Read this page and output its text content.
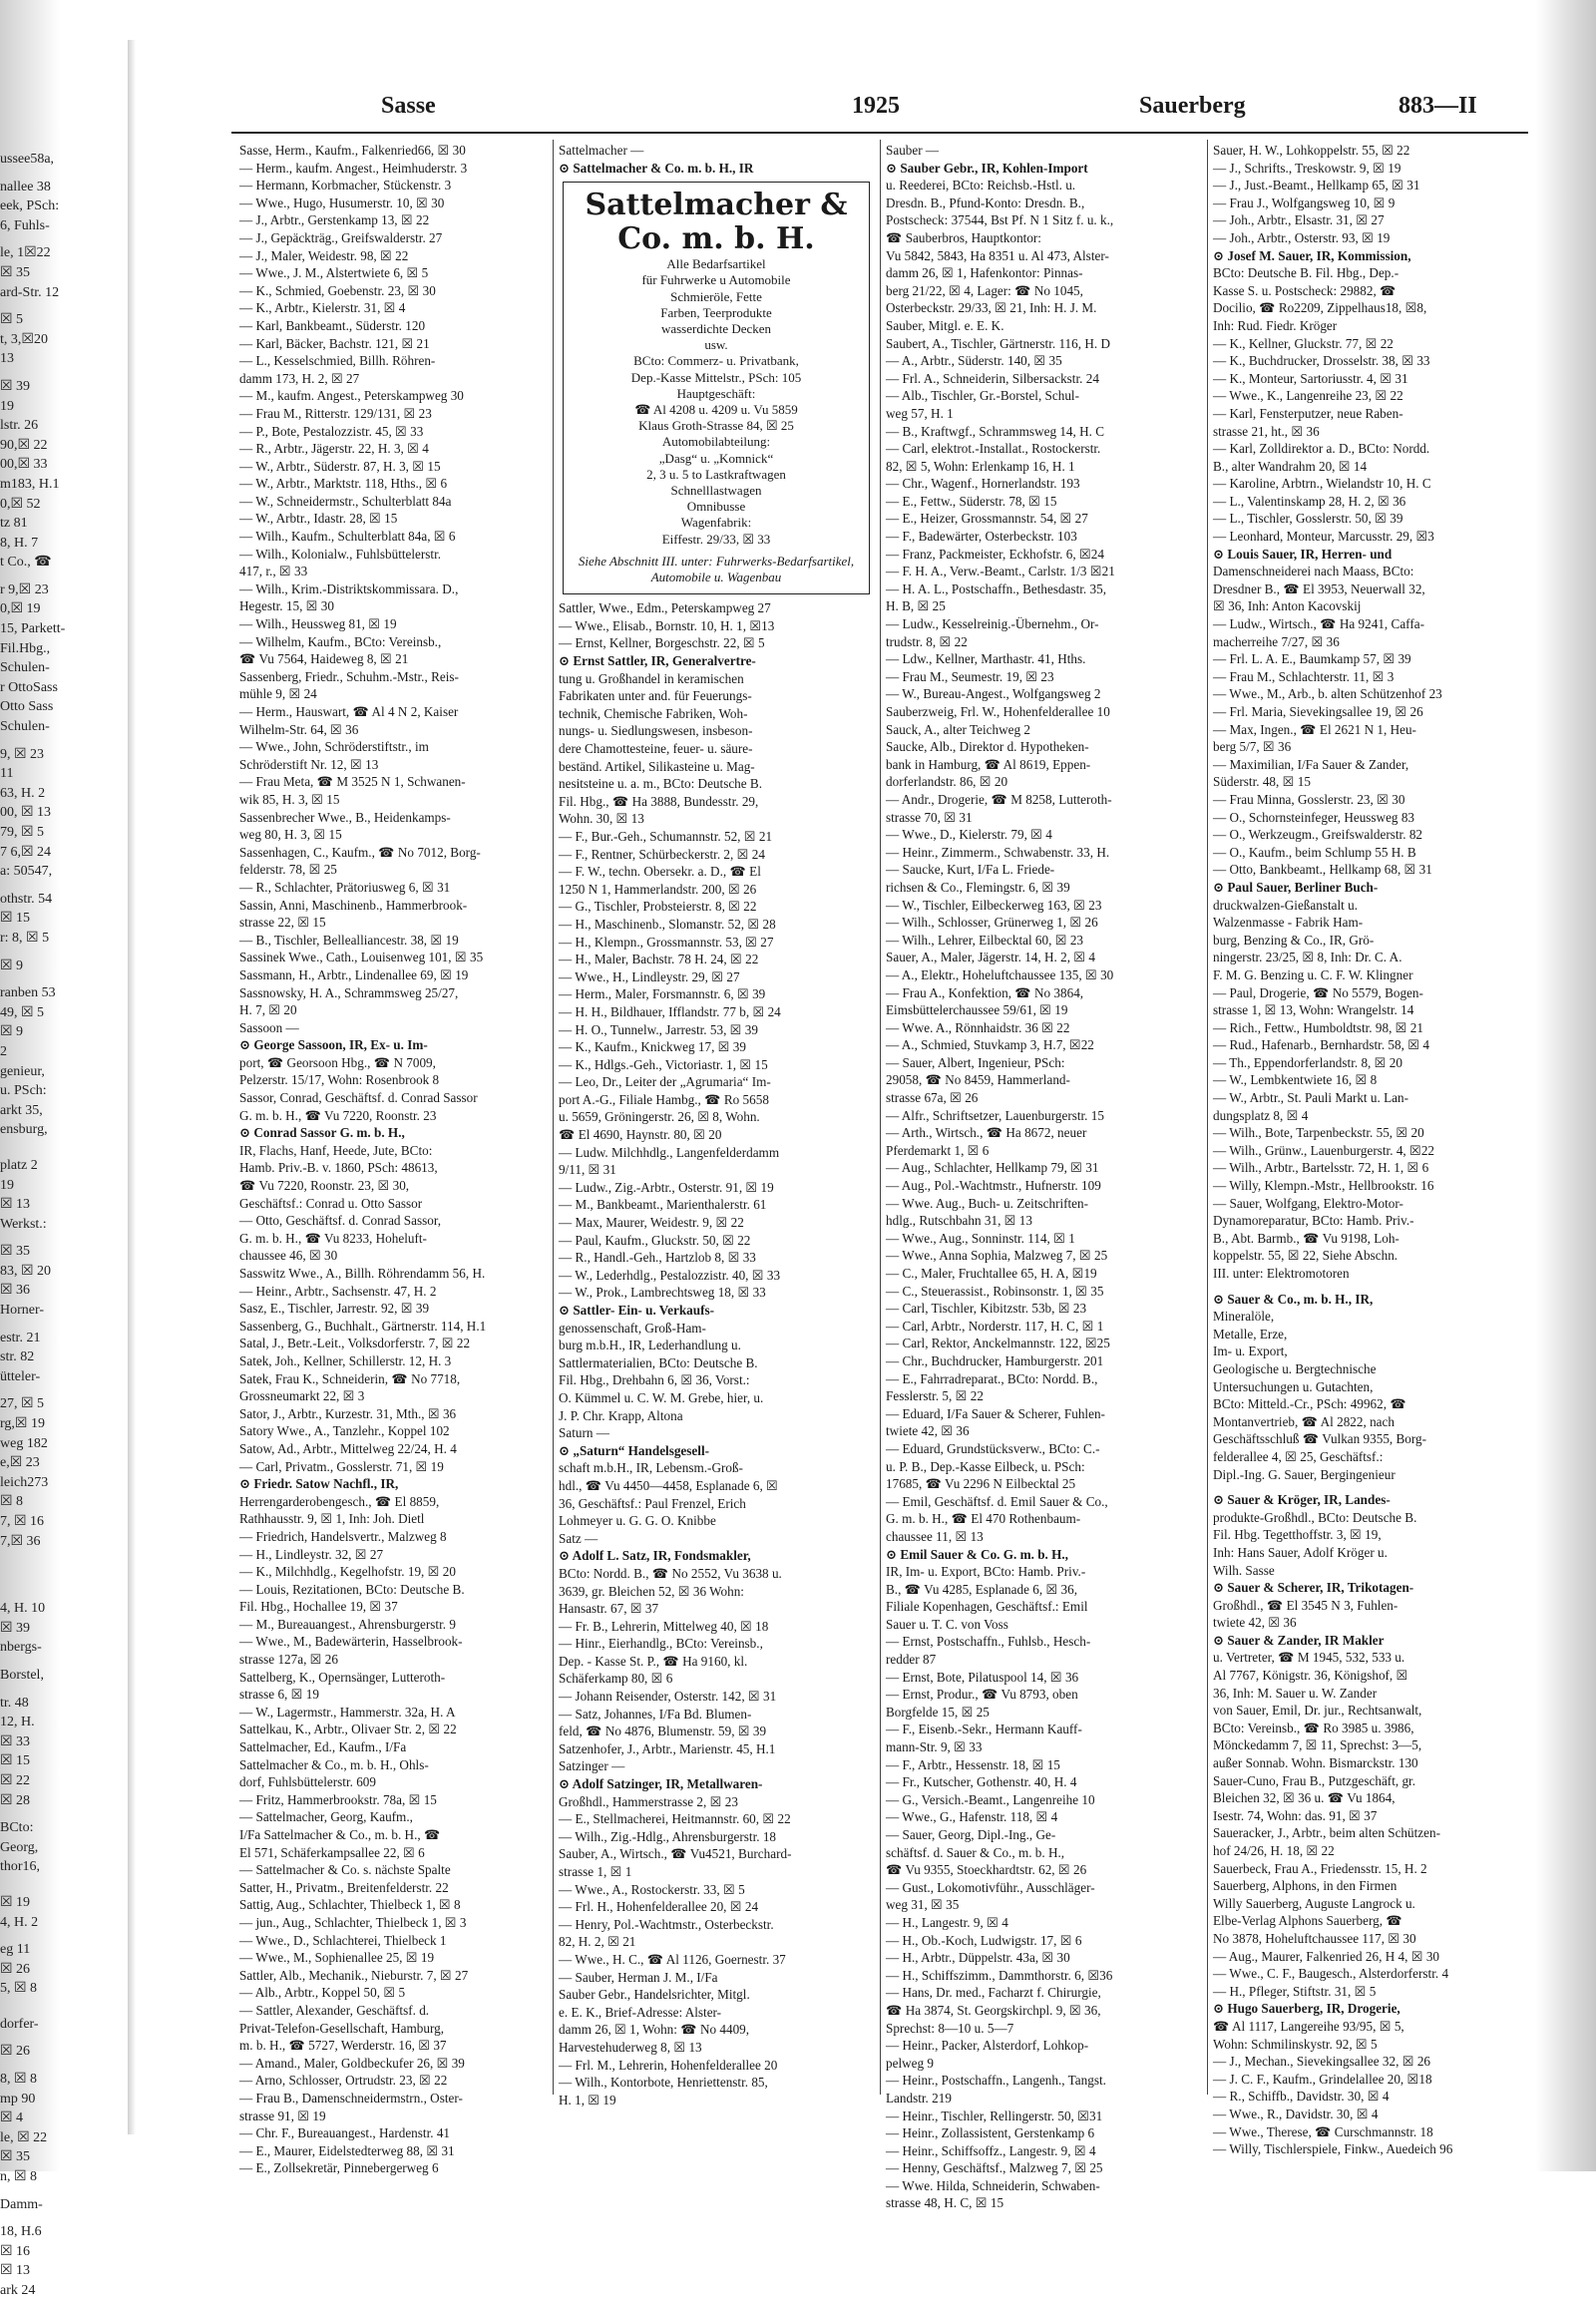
ussee58a,
nallee 38
eek, PSch:
6, Fuhls-
le, 1☒22
☒ 35
ard-Str. 12
☒ 5
t, 3,☒20
13
☒ 39
19
lstr. 26
90,☒ 22
00,☒ 33
m183, H.1
0,☒ 52
tz 81
8, H. 7
t Co., ☎
r 9,☒ 23
0,☒ 19
15, Parkett-
Fil.Hbg.,
Schulen-
r OttoSass
Otto Sass
Schulen-
9, ☒ 23
11
63, H. 2
00, ☒ 13
79, ☒ 5
7 6,☒ 24
a: 50547,
othstr. 54
☒ 15
r: 8, ☒ 5
☒ 9
ranben 53
49, ☒ 5
☒ 9
2
genieur,
u. PSch:
arkt 35,
ensburg,
platz 2
19
☒ 13
Werkst.:
☒ 35
83, ☒ 20
☒ 36
Horner-
estr. 21
str. 82
ütteler-
27, ☒ 5
rg,☒ 19
weg 182
e,☒ 23
leich273
☒ 8
7, ☒ 16
7,☒ 36
4, H. 10
☒ 39
nbergs-
Borstel,
tr. 48
12, H.
☒ 33
☒ 15
☒ 22
☒ 28
BCto:
Georg,
thor16,
☒ 19
4, H. 2
eg 11
☒ 26
5, ☒ 8
dorfer-
☒ 26
8, ☒ 8
mp 90
☒ 4
le, ☒ 22
☒ 35
n, ☒ 8
Damm-
18, H.6
☒ 16
☒ 13
ark 24
Sasse	1925	Sauerberg	883—II
Sasse, Herm., Kaufm., Falkenried66, ☒ 30
— Herm., kaufm. Angest., Heimhuderstr. 3
— Hermann, Korbmacher, Stückenstr. 3
— Wwe., Hugo, Husumerstr. 10, ☒ 30
— J., Arbtr., Gerstenkamp 13, ☒ 22
— J., Gepäckträg., Greifswalderstr. 27
— J., Maler, Weidestr. 98, ☒ 22
— Wwe., J. M., Alstertwiete 6, ☒ 5
— K., Schmied, Goebenstr. 23, ☒ 30
— K., Arbtr., Kielerstr. 31, ☒ 4
— Karl, Bankbeamt., Süderstr. 120
— Karl, Bäcker, Bachstr. 121, ☒ 21
— L., Kesselschmied, Billh. Röhren-
damm 173, H. 2, ☒ 27
— M., kaufm. Angest., Peterskampweg 30
— Frau M., Ritterstr. 129/131, ☒ 23
— P., Bote, Pestalozzistr. 45, ☒ 33
— R., Arbtr., Jägerstr. 22, H. 3, ☒ 4
— W., Arbtr., Süderstr. 87, H. 3, ☒ 15
— W., Arbtr., Marktstr. 118, Hths., ☒ 6
— W., Schneidermstr., Schulterblatt 84a
— W., Arbtr., Idastr. 28, ☒ 15
— Wilh., Kaufm., Schulterblatt 84a, ☒ 6
— Wilh., Kolonialw., Fuhlsbüttelerstr.
417, r., ☒ 33
— Wilh., Krim.-Distriktskommissara. D.,
Hegestr. 15, ☒ 30
— Wilh., Heussweg 81, ☒ 19
— Wilhelm, Kaufm., BCto: Vereinsb.,
☎ Vu 7564, Haideweg 8, ☒ 21
Sassenberg, Friedr., Schuhm.-Mstr., Reis-
mühle 9, ☒ 24
— Herm., Hauswart, ☎ Al 4 N 2, Kaiser
Wilhelm-Str. 64, ☒ 36
— Wwe., John, Schröderstiftstr., im
Schröderstift Nr. 12, ☒ 13
— Frau Meta, ☎ M 3525 N 1, Schwanen-
wik 85, H. 3, ☒ 15
Sassenbrecher Wwe., B., Heidenkamps-
weg 80, H. 3, ☒ 15
Sassenhagen, C., Kaufm., ☎ No 7012, Borg-
felderstr. 78, ☒ 25
— R., Schlachter, Prätoriusweg 6, ☒ 31
Sassin, Anni, Maschinenb., Hammerbrook-
strasse 22, ☒ 15
— B., Tischler, Bellealliancestr. 38, ☒ 19
Sassinek Wwe., Cath., Louisenweg 101, ☒ 35
Sassmann, H., Arbtr., Lindenallee 69, ☒ 19
Sassnowsky, H. A., Schrammsweg 25/27,
H. 7, ☒ 20
Sassoon —
⊙ George Sassoon, IR, Ex- u. Im-
port, ☎ Georsoon Hbg., ☎ N 7009,
Pelzerstr. 15/17, Wohn: Rosenbrook 8
Sassor, Conrad, Geschäftsf. d. Conrad Sassor
G. m. b. H., ☎ Vu 7220, Roonstr. 23
⊙ Conrad Sassor G. m. b. H.,
IR, Flachs, Hanf, Heede, Jute, BCto:
Hamb. Priv.-B. v. 1860, PSch: 48613,
☎ Vu 7220, Roonstr. 23, ☒ 30,
Geschäftsf.: Conrad u. Otto Sassor
— Otto, Geschäftsf. d. Conrad Sassor,
G. m. b. H., ☎ Vu 8233, Hoheluft-
chaussee 46, ☒ 30
Sasswitz Wwe., A., Billh. Röhrendamm 56, H.
— Heinr., Arbtr., Sachsenstr. 47, H. 2
Sasz, E., Tischler, Jarrestr. 92, ☒ 39
Sassenberg, G., Buchhalt., Gärtnerstr. 114, H.1
Satal, J., Betr.-Leit., Volksdorferstr. 7, ☒ 22
Satek, Joh., Kellner, Schillerstr. 12, H. 3
Satek, Frau K., Schneiderin, ☎ No 7718,
Grossneumarkt 22, ☒ 3
Sator, J., Arbtr., Kurzestr. 31, Mth., ☒ 36
Satory Wwe., A., Tanzlehr., Koppel 102
Satow, Ad., Arbtr., Mittelweg 22/24, H. 4
— Carl, Privatm., Gosslerstr. 71, ☒ 19
⊙ Friedr. Satow Nachfl., IR,
Herrengarderobengesch., ☎ El 8859,
Rathhausstr. 9, ☒ 1, Inh: Joh. Dietl
— Friedrich, Handelsvertr., Malzweg 8
— H., Lindleystr. 32, ☒ 27
— K., Milchhdlg., Kegelhofstr. 19, ☒ 20
— Louis, Rezitationen, BCto: Deutsche B.
Fil. Hbg., Hochallee 19, ☒ 37
— M., Bureauangest., Ahrensburgerstr. 9
— Wwe., M., Badewärterin, Hasselbrook-
strasse 127a, ☒ 26
Sattelberg, K., Opernsänger, Lutteroth-
strasse 6, ☒ 19
— W., Lagermstr., Hammerstr. 32a, H. A
Sattelkau, K., Arbtr., Olivaer Str. 2, ☒ 22
Sattelmacher, Ed., Kaufm., I/Fa
Sattelmacher & Co., m. b. H., Ohls-
dorf, Fuhlsbüttelerstr. 609
— Fritz, Hammerbrookstr. 78a, ☒ 15
— Sattelmacher, Georg, Kaufm.,
I/Fa Sattelmacher & Co., m. b. H., ☎
El 571, Schäferkampsallee 22, ☒ 6
— Sattelmacher & Co. s. nächste Spalte
Satter, H., Privatm., Breitenfelderstr. 22
Sattig, Aug., Schlachter, Thielbeck 1, ☒ 8
— jun., Aug., Schlachter, Thielbeck 1, ☒ 3
— Wwe., D., Schlachterei, Thielbeck 1
— Wwe., M., Sophienallee 25, ☒ 19
Sattler, Alb., Mechanik., Nieburstr. 7, ☒ 27
— Alb., Arbtr., Koppel 50, ☒ 5
— Sattler, Alexander, Geschäftsf. d.
Privat-Telefon-Gesellschaft, Hamburg,
m. b. H., ☎ 5727, Werderstr. 16, ☒ 37
— Amand., Maler, Goldbeckufer 26, ☒ 39
— Arno, Schlosser, Ortrudstr. 23, ☒ 22
— Frau B., Damenschneidermstrn., Oster-
strasse 91, ☒ 19
— Chr. F., Bureauangest., Hardenstr. 41
— E., Maurer, Eidelstedterweg 88, ☒ 31
— E., Zollsekretär, Pinnebergerweg 6
Sattelmacher —
⊙ Sattelmacher & Co. m. b. H., IR
Sattelmacher & Co. m. b. H.
Alle Bedarfsartikel
für Fuhrwerke u Automobile
Schmieröle, Fette
Farben, Teerprodukte
wasserdichte Decken
usw.
BCto: Commerz- u. Privatbank,
Dep.-Kasse Mittelstr., PSch: 105
Hauptgeschäft:
☎ Al 4208 u. 4209 u. Vu 5859
Klaus Groth-Strasse 84, ☒ 25
Automobilabteilung:
„Dasg“ u. „Komnick“
2, 3 u. 5 to Lastkraftwagen
Schnelllastwagen
Omnibusse
Wagenfabrik:
Eiffestr. 29/33, ☒ 33
Siehe Abschnitt III. unter: Fuhrwerks-Bedarfsartikel, Automobile u. Wagenbau
Sattler, Wwe., Edm., Peterskampweg 27
— Wwe., Elisab., Bornstr. 10, H. 1, ☒13
— Ernst, Kellner, Borgeschstr. 22, ☒ 5
⊙ Ernst Sattler, IR, Generalvertre-
tung u. Großhandel in keramischen
Fabrikaten unter and. für Feuerungs-
technik, Chemische Fabriken, Woh-
nungs- u. Siedlungswesen, insbeson-
dere Chamottesteine, feuer- u. säure-
beständ. Artikel, Silikasteine u. Mag-
nesitsteine u. a. m., BCto: Deutsche B.
Fil. Hbg., ☎ Ha 3888, Bundesstr. 29,
Wohn. 30, ☒ 13
— F., Bur.-Geh., Schumannstr. 52, ☒ 21
— F., Rentner, Schürbeckerstr. 2, ☒ 24
— F. W., techn. Obersekr. a. D., ☎ El
1250 N 1, Hammerlandstr. 200, ☒ 26
— G., Tischler, Probsteierstr. 8, ☒ 22
— H., Maschinenb., Slomanstr. 52, ☒ 28
— H., Klempn., Grossmannstr. 53, ☒ 27
— H., Maler, Bachstr. 78 H. 24, ☒ 22
— Wwe., H., Lindleystr. 29, ☒ 27
— Herm., Maler, Forsmannstr. 6, ☒ 39
— H. H., Bildhauer, Ifflandstr. 77 b, ☒ 24
— H. O., Tunnelw., Jarrestr. 53, ☒ 39
— K., Kaufm., Knickweg 17, ☒ 39
— K., Hdlgs.-Geh., Victoriastr. 1, ☒ 15
— Leo, Dr., Leiter der „Agrumaria“ Im-
port A.-G., Filiale Hambg., ☎ Ro 5658
u. 5659, Gröningerstr. 26, ☒ 8, Wohn.
☎ El 4690, Haynstr. 80, ☒ 20
— Ludw. Milchhdlg., Langenfelderdamm
9/11, ☒ 31
— Ludw., Zig.-Arbtr., Osterstr. 91, ☒ 19
— M., Bankbeamt., Marienthalerstr. 61
— Max, Maurer, Weidestr. 9, ☒ 22
— Paul, Kaufm., Gluckstr. 50, ☒ 22
— R., Handl.-Geh., Hartzlob 8, ☒ 33
— W., Lederhdlg., Pestalozzistr. 40, ☒ 33
— W., Prok., Lambrechtsweg 18, ☒ 33
⊙ Sattler- Ein- u. Verkaufs-
genossenschaft, Groß-Ham-
burg m.b.H., IR, Lederhandlung u.
Sattlermaterialien, BCto: Deutsche B.
Fil. Hbg., Drehbahn 6, ☒ 36, Vorst.:
O. Kümmel u. C. W. M. Grebe, hier, u.
J. P. Chr. Krapp, Altona
Saturn —
⊙ „Saturn“ Handelsgesell-
schaft m.b.H., IR, Lebensm.-Groß-
hdl., ☎ Vu 4450—4458, Esplanade 6, ☒
36, Geschäftsf.: Paul Frenzel, Erich
Lohmeyer u. G. G. O. Knibbe
Satz —
⊙ Adolf L. Satz, IR, Fondsmakler,
BCto: Nordd. B., ☎ No 2552, Vu 3638 u.
3639, gr. Bleichen 52, ☒ 36 Wohn:
Hansastr. 67, ☒ 37
— Fr. B., Lehrerin, Mittelweg 40, ☒ 18
— Hinr., Eierhandlg., BCto: Vereinsb.,
Dep. - Kasse St. P., ☎ Ha 9160, kl.
Schäferkamp 80, ☒ 6
— Johann Reisender, Osterstr. 142, ☒ 31
— Satz, Johannes, I/Fa Bd. Blumen-
feld, ☎ No 4876, Blumenstr. 59, ☒ 39
Satzenhofer, J., Arbtr., Marienstr. 45, H.1
Satzinger —
⊙ Adolf Satzinger, IR, Metallwaren-
Großhdl., Hammerstrasse 2, ☒ 23
— E., Stellmacherei, Heitmannstr. 60, ☒ 22
— Wilh., Zig.-Hdlg., Ahrensburgerstr. 18
Sauber, A., Wirtsch., ☎ Vu4521, Burchard-
strasse 1, ☒ 1
— Wwe., A., Rostockerstr. 33, ☒ 5
— Frl. H., Hohenfelderallee 20, ☒ 24
— Henry, Pol.-Wachtmstr., Osterbeckstr.
82, H. 2, ☒ 21
— Wwe., H. C., ☎ Al 1126, Goernestr. 37
— Sauber, Herman J. M., I/Fa
Sauber Gebr., Handelsrichter, Mitgl.
e. E. K., Brief-Adresse: Alster-
damm 26, ☒ 1, Wohn: ☎ No 4409,
Harvestehuderweg 8, ☒ 13
— Frl. M., Lehrerin, Hohenfelderallee 20
— Wilh., Kontorbote, Henriettenstr. 85,
H. 1, ☒ 19
Sauber —
⊙ Sauber Gebr., IR, Kohlen-Import
u. Reederei, BCto: Reichsb.-Hstl. u.
Dresdn. B., Pfund-Konto: Dresdn. B.,
Postscheck: 37544, Bst Pf. N 1 Sitz f. u. k.,
☎ Sauberbros, Hauptkontor:
Vu 5842, 5843, Ha 8351 u. Al 473, Alster-
damm 26, ☒ 1, Hafenkontor: Pinnas-
berg 21/22, ☒ 4, Lager: ☎ No 1045,
Osterbeckstr. 29/33, ☒ 21, Inh: H. J. M.
Sauber, Mitgl. e. E. K.
Saubert, A., Tischler, Gärtnerstr. 116, H. D
— A., Arbtr., Süderstr. 140, ☒ 35
— Frl. A., Schneiderin, Silbersackstr. 24
— Alb., Tischler, Gr.-Borstel, Schul-
weg 57, H. 1
— B., Kraftwgf., Schrammsweg 14, H. C
— Carl, elektrot.-Installat., Rostockerstr.
82, ☒ 5, Wohn: Erlenkamp 16, H. 1
— Chr., Wagenf., Hornerlandstr. 193
— E., Fettw., Süderstr. 78, ☒ 15
— E., Heizer, Grossmannstr. 54, ☒ 27
— F., Badewärter, Osterbeckstr. 103
— Franz, Packmeister, Eckhofstr. 6, ☒24
— F. H. A., Verw.-Beamt., Carlstr. 1/3 ☒21
— H. A. L., Postschaffn., Bethesdastr. 35,
H. B, ☒ 25
— Ludw., Kesselreinig.-Übernehm., Or-
trudstr. 8, ☒ 22
— Ldw., Kellner, Marthastr. 41, Hths.
— Frau M., Seumestr. 19, ☒ 23
— W., Bureau-Angest., Wolfgangsweg 2
Sauberzweig, Frl. W., Hohenfelderallee 10
Sauck, A., alter Teichweg 2
Saucke, Alb., Direktor d. Hypotheken-
bank in Hamburg, ☎ Al 8619, Eppen-
dorferlandstr. 86, ☒ 20
— Andr., Drogerie, ☎ M 8258, Lutteroth-
strasse 70, ☒ 31
— Wwe., D., Kielerstr. 79, ☒ 4
— Heinr., Zimmerm., Schwabenstr. 33, H.
— Saucke, Kurt, I/Fa L. Friede-
richsen & Co., Flemingstr. 6, ☒ 39
— W., Tischler, Eilbeckerweg 163, ☒ 23
— Wilh., Schlosser, Grünerweg 1, ☒ 26
— Wilh., Lehrer, Eilbecktal 60, ☒ 23
Sauer, A., Maler, Jägerstr. 14, H. 2, ☒ 4
— A., Elektr., Hoheluftchaussee 135, ☒ 30
— Frau A., Konfektion, ☎ No 3864,
Eimsbüttelerchaussee 59/61, ☒ 19
— Wwe. A., Rönnhaidstr. 36 ☒ 22
— A., Schmied, Stuvkamp 3, H.7, ☒22
— Sauer, Albert, Ingenieur, PSch:
29058, ☎ No 8459, Hammerland-
strasse 67a, ☒ 26
— Alfr., Schriftsetzer, Lauenburgerstr. 15
— Arth., Wirtsch., ☎ Ha 8672, neuer
Pferdemarkt 1, ☒ 6
— Aug., Schlachter, Hellkamp 79, ☒ 31
— Aug., Pol.-Wachtmstr., Hufnerstr. 109
— Wwe. Aug., Buch- u. Zeitschriften-
hdlg., Rutschbahn 31, ☒ 13
— Wwe., Aug., Sonninstr. 114, ☒ 1
— Wwe., Anna Sophia, Malzweg 7, ☒ 25
— C., Maler, Fruchtallee 65, H. A, ☒19
— C., Steuerassist., Robinsonstr. 1, ☒ 35
— Carl, Tischler, Kibitzstr. 53b, ☒ 23
— Carl, Arbtr., Norderstr. 117, H. C, ☒ 1
— Carl, Rektor, Anckelmannstr. 122, ☒25
— Chr., Buchdrucker, Hamburgerstr. 201
— E., Fahrradreparat., BCto: Nordd. B.,
Fesslerstr. 5, ☒ 22
— Eduard, I/Fa Sauer & Scherer, Fuhlen-
twiete 42, ☒ 36
— Eduard, Grundstücksverw., BCto: C.-
u. P. B., Dep.-Kasse Eilbeck, u. PSch:
17685, ☎ Vu 2296 N Eilbecktal 25
— Emil, Geschäftsf. d. Emil Sauer & Co.,
G. m. b. H., ☎ El 470 Rothenbaum-
chaussee 11, ☒ 13
⊙ Emil Sauer & Co. G. m. b. H.,
IR, Im- u. Export, BCto: Hamb. Priv.-
B., ☎ Vu 4285, Esplanade 6, ☒ 36,
Filiale Kopenhagen, Geschäftsf.: Emil
Sauer u. T. C. von Voss
— Ernst, Postschaffn., Fuhlsb., Hesch-
redder 87
— Ernst, Bote, Pilatuspool 14, ☒ 36
— Ernst, Produr., ☎ Vu 8793, oben
Borgfelde 15, ☒ 25
— F., Eisenb.-Sekr., Hermann Kauff-
mann-Str. 9, ☒ 33
— F., Arbtr., Hessenstr. 18, ☒ 15
— Fr., Kutscher, Gothenstr. 40, H. 4
— G., Versich.-Beamt., Langenreihe 10
— Wwe., G., Hafenstr. 118, ☒ 4
— Sauer, Georg, Dipl.-Ing., Ge-
schäftsf. d. Sauer & Co., m. b. H.,
☎ Vu 9355, Stoeckhardtstr. 62, ☒ 26
— Gust., Lokomotivführ., Ausschläger-
weg 31, ☒ 35
— H., Langestr. 9, ☒ 4
— H., Ob.-Koch, Ludwigstr. 17, ☒ 6
— H., Arbtr., Düppelstr. 43a, ☒ 30
— H., Schiffszimm., Dammthorstr. 6, ☒36
— Hans, Dr. med., Facharzt f. Chirurgie,
☎ Ha 3874, St. Georgskirchpl. 9, ☒ 36,
Sprechst: 8—10 u. 5—7
— Heinr., Packer, Alsterdorf, Lohkop-
pelweg 9
— Heinr., Postschaffn., Langenh., Tangst.
Landstr. 219
— Heinr., Tischler, Rellingerstr. 50, ☒31
— Heinr., Zollassistent, Gerstenkamp 6
— Heinr., Schiffsoffz., Langestr. 9, ☒ 4
— Henny, Geschäftsf., Malzweg 7, ☒ 25
— Wwe. Hilda, Schneiderin, Schwaben-
strasse 48, H. C, ☒ 15
Sauer, H. W., Lohkoppelstr. 55, ☒ 22
— J., Schrifts., Treskowstr. 9, ☒ 19
— J., Just.-Beamt., Hellkamp 65, ☒ 31
— Frau J., Wolfgangsweg 10, ☒ 9
— Joh., Arbtr., Elsastr. 31, ☒ 27
— Joh., Arbtr., Osterstr. 93, ☒ 19
⊙ Josef M. Sauer, IR, Kommission,
BCto: Deutsche B. Fil. Hbg., Dep.-
Kasse S. u. Postscheck: 29882, ☎
Docilio, ☎ Ro2209, Zippelhaus18, ☒8,
Inh: Rud. Fiedr. Kröger
— K., Kellner, Gluckstr. 77, ☒ 22
— K., Buchdrucker, Drosselstr. 38, ☒ 33
— K., Monteur, Sartoriusstr. 4, ☒ 31
— Wwe., K., Langenreihe 23, ☒ 22
— Karl, Fensterputzer, neue Raben-
strasse 21, ht., ☒ 36
— Karl, Zolldirektor a. D., BCto: Nordd.
B., alter Wandrahm 20, ☒ 14
— Karoline, Arbtrn., Wielandstr 10, H. C
— L., Valentinskamp 28, H. 2, ☒ 36
— L., Tischler, Gosslerstr. 50, ☒ 39
— Leonhard, Monteur, Marcusstr. 29, ☒3
⊙ Louis Sauer, IR, Herren- und
Damenschneiderei nach Maass, BCto:
Dresdner B., ☎ El 3953, Neuerwall 32,
☒ 36, Inh: Anton Kacovskij
— Ludw., Wirtsch., ☎ Ha 9241, Caffa-
macherreihe 7/27, ☒ 36
— Frl. L. A. E., Baumkamp 57, ☒ 39
— Frau M., Schlachterstr. 11, ☒ 3
— Wwe., M., Arb., b. alten Schützenhof 23
— Frl. Maria, Sievekingsallee 19, ☒ 26
— Max, Ingen., ☎ El 2621 N 1, Heu-
berg 5/7, ☒ 36
— Maximilian, I/Fa Sauer & Zander,
Süderstr. 48, ☒ 15
— Frau Minna, Gosslerstr. 23, ☒ 30
— O., Schornsteinfeger, Heussweg 83
— O., Werkzeugm., Greifswalderstr. 82
— O., Kaufm., beim Schlump 55 H. B
— Otto, Bankbeamt., Hellkamp 68, ☒ 31
⊙ Paul Sauer, Berliner Buch-
druckwalzen-Gießanstalt u.
Walzenmasse - Fabrik Ham-
burg, Benzing & Co., IR, Grö-
ningerstr. 23/25, ☒ 8, Inh: Dr. C. A.
F. M. G. Benzing u. C. F. W. Klingner
— Paul, Drogerie, ☎ No 5579, Bogen-
strasse 1, ☒ 13, Wohn: Wrangelstr. 14
— Rich., Fettw., Humboldtstr. 98, ☒ 21
— Rud., Hafenarb., Bernhardstr. 58, ☒ 4
— Th., Eppendorferlandstr. 8, ☒ 20
— W., Lembkentwiete 16, ☒ 8
— W., Arbtr., St. Pauli Markt u. Lan-
dungsplatz 8, ☒ 4
— Wilh., Bote, Tarpenbeckstr. 55, ☒ 20
— Wilh., Grünw., Lauenburgerstr. 4, ☒22
— Wilh., Arbtr., Bartelsstr. 72, H. 1, ☒ 6
— Willy, Klempn.-Mstr., Hellbrookstr. 16
— Sauer, Wolfgang, Elektro-Motor-
Dynamoreparatur, BCto: Hamb. Priv.-
B., Abt. Barmb., ☎ Vu 9198, Loh-
koppelstr. 55, ☒ 22, Siehe Abschn.
III. unter: Elektromotoren
⊙ Sauer & Co., m. b. H., IR,
Mineralöle,
Metalle, Erze,
Im- u. Export,
Geologische u. Bergtechnische
Untersuchungen u. Gutachten,
BCto: Mitteld.-Cr., PSch: 49962, ☎
Montanvertrieb, ☎ Al 2822, nach
Geschäftsschluß ☎ Vulkan 9355, Borg-
felderallee 4, ☒ 25, Geschäftsf.:
Dipl.-Ing. G. Sauer, Bergingenieur
⊙ Sauer & Kröger, IR, Landes-
produkte-Großhdl., BCto: Deutsche B.
Fil. Hbg. Tegetthoffstr. 3, ☒ 19,
Inh: Hans Sauer, Adolf Kröger u.
Wilh. Sasse
⊙ Sauer & Scherer, IR, Trikotagen-
Großhdl., ☎ El 3545 N 3, Fuhlen-
twiete 42, ☒ 36
⊙ Sauer & Zander, IR Makler
u. Vertreter, ☎ M 1945, 532, 533 u.
Al 7767, Königstr. 36, Königshof, ☒
36, Inh: M. Sauer u. W. Zander
von Sauer, Emil, Dr. jur., Rechtsanwalt,
BCto: Vereinsb., ☎ Ro 3985 u. 3986,
Mönckedamm 7, ☒ 11, Sprechst: 3—5,
außer Sonnab. Wohn. Bismarckstr. 130
Sauer-Cuno, Frau B., Putzgeschäft, gr.
Bleichen 32, ☒ 36 u. ☎ Vu 1864,
Isestr. 74, Wohn: das. 91, ☒ 37
Saueracker, J., Arbtr., beim alten Schützen-
hof 24/26, H. 18, ☒ 22
Sauerbeck, Frau A., Friedensstr. 15, H. 2
Sauerberg, Alphons, in den Firmen
Willy Sauerberg, Auguste Langrock u.
Elbe-Verlag Alphons Sauerberg, ☎
No 3878, Hoheluftchaussee 117, ☒ 30
— Aug., Maurer, Falkenried 26, H 4, ☒ 30
— Wwe., C. F., Baugesch., Alsterdorferstr. 4
— H., Pfleger, Stiftstr. 31, ☒ 5
⊙ Hugo Sauerberg, IR, Drogerie,
☎ Al 1117, Langereihe 93/95, ☒ 5,
Wohn: Schmilinskystr. 92, ☒ 5
— J., Mechan., Sievekingsallee 32, ☒ 26
— J. C. F., Kaufm., Grindelallee 20, ☒18
— R., Schiffb., Davidstr. 30, ☒ 4
— Wwe., R., Davidstr. 30, ☒ 4
— Wwe., Therese, ☎ Curschmannstr. 18
— Willy, Tischlerspiele, Finkw., Auedeich 96
